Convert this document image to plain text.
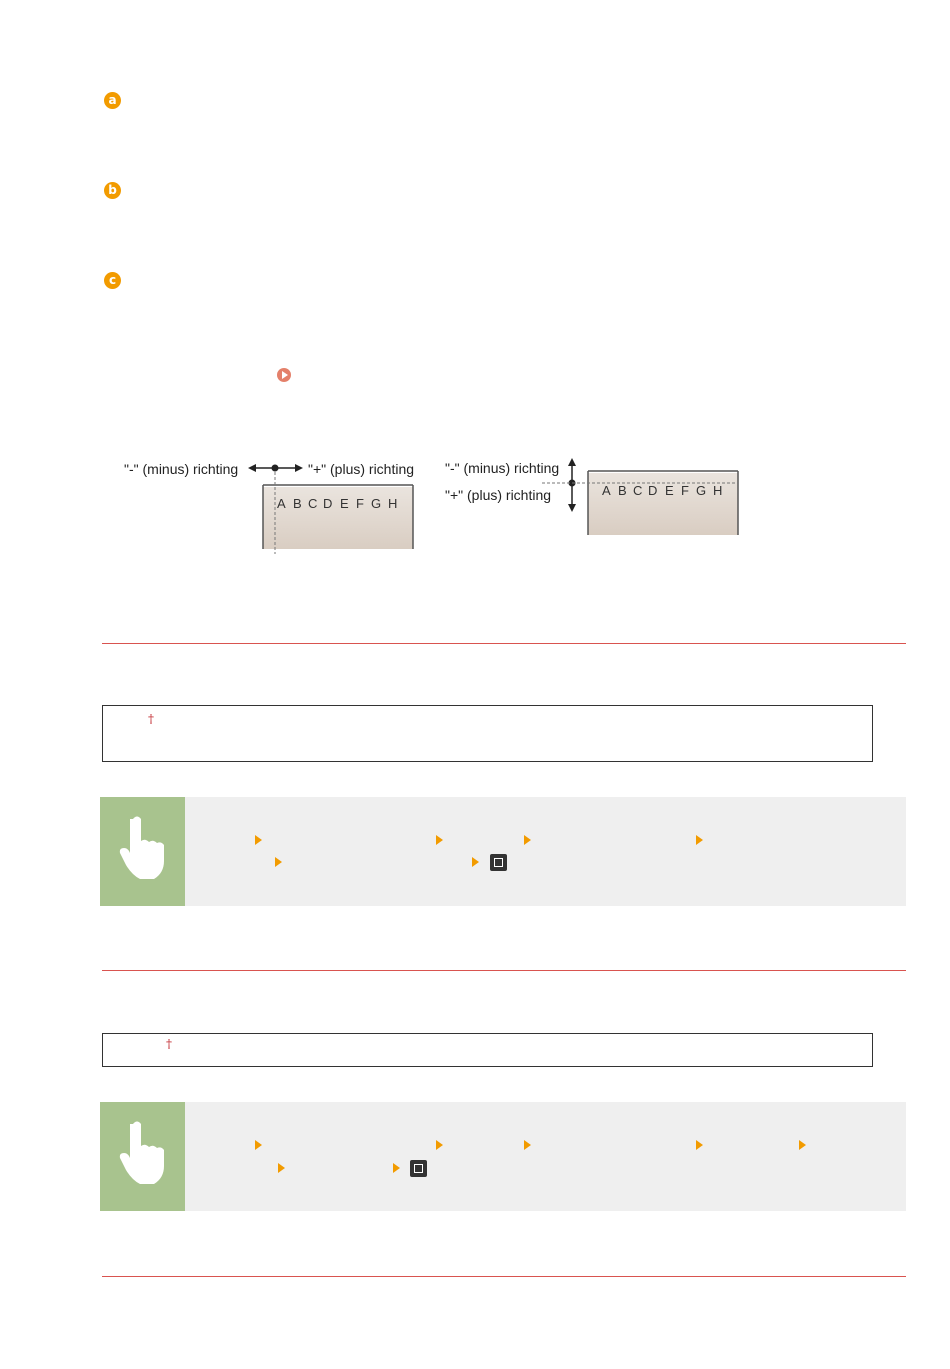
a
b
c
"-" (minus) richting	"+" (plus) richting
A B C D E F G H
"-" (minus) richting
"+" (plus) richting	A B C D E F G H
†
†
